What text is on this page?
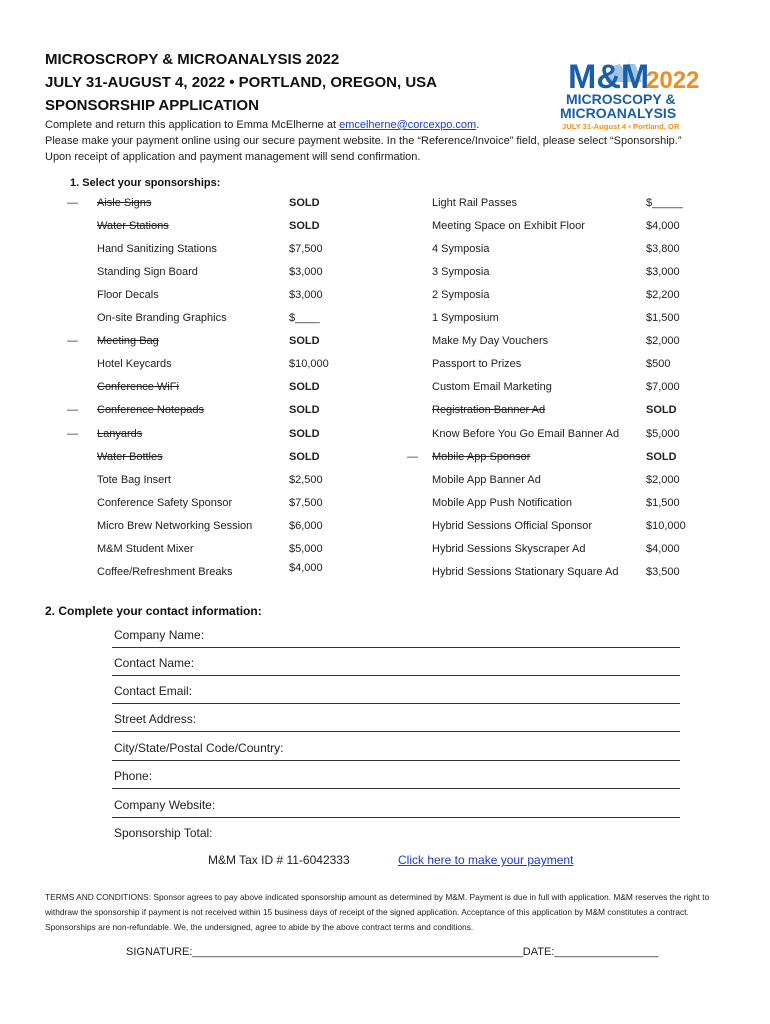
MICROSCROPY & MICROANALYSIS 2022
JULY 31-AUGUST 4, 2022 • PORTLAND, OREGON, USA
SPONSORSHIP APPLICATION
M&M
2022
MICROSCOPY &
MICROANALYSIS
JULY 31-August 4 • Portland, OR
Complete and return this application to Emma McElherne at emcelherne@corcexpo.com.
Please make your payment online using our secure payment website. In the “Reference/Invoice” field, please select “Sponsorship.”
Upon receipt of application and payment management will send confirmation.
1. Select your sponsorships:
— Aisle Signs	SOLD
Water Stations	SOLD
Hand Sanitizing Stations	$7,500
Standing Sign Board	$3,000
Floor Decals	$3,000
On-site Branding Graphics	$____
— Meeting Bag	SOLD
Hotel Keycards	$10,000
Conference WiFi	SOLD
— Conference Notepads	SOLD
— Lanyards	SOLD
Water Bottles	SOLD
Tote Bag Insert	$2,500
Conference Safety Sponsor	$7,500
Micro Brew Networking Session	$6,000
M&M Student Mixer	$5,000
Coffee/Refreshment Breaks	$4,000
Light Rail Passes	$_____
Meeting Space on Exhibit Floor	$4,000
4 Symposia	$3,800
3 Symposia	$3,000
2 Symposia	$2,200
1 Symposium	$1,500
Make My Day Vouchers	$2,000
Passport to Prizes	$500
Custom Email Marketing	$7,000
Registration Banner Ad	SOLD
Know Before You Go Email Banner Ad $5,000
— Mobile App Sponsor	SOLD
Mobile App Banner Ad	$2,000
Mobile App Push Notification	$1,500
Hybrid Sessions Official Sponsor	$10,000
Hybrid Sessions Skyscraper Ad	$4,000
Hybrid Sessions Stationary Square Ad	$3,500
2. Complete your contact information:
Company Name:
Contact Name:
Contact Email:
Street Address:
City/State/Postal Code/Country:
Phone:
Company Website:
Sponsorship Total:
M&M Tax ID # 11-6042333	Click here to make your payment
TERMS AND CONDITIONS: Sponsor agrees to pay above indicated sponsorship amount as determined by M&M. Payment is due in full with application. M&M reserves the right to withdraw the sponsorship if payment is not received within 15 business days of receipt of the signed application. Acceptance of this application by M&M constitutes a contract. Sponsorships are non-refundable. We, the undersigned, agree to abide by the above contract terms and conditions.
SIGNATURE:______________________________________________________DATE:_________________
